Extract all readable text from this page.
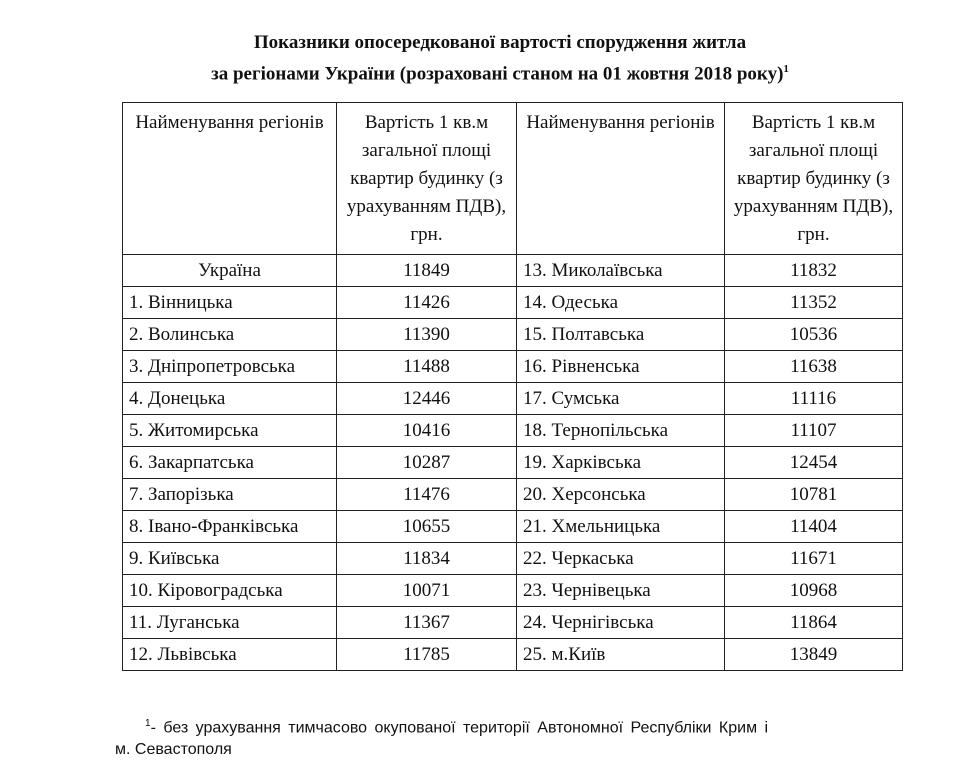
Показники опосередкованої вартості спорудження житла
за регіонами України (розраховані станом на 01 жовтня 2018 року)$^1$
Найменування регіонів	Вартість 1 кв.м загальної площі квартир будинку (з урахуванням ПДВ), грн.	Найменування регіонів	Вартість 1 кв.м загальної площі квартир будинку (з урахуванням ПДВ), грн.
Україна	11849	13. Миколаївська	11832
1. Вінницька	11426	14. Одеська	11352
2. Волинська	11390	15. Полтавська	10536
3. Дніпропетровська	11488	16. Рівненська	11638
4. Донецька	12446	17. Сумська	11116
5. Житомирська	10416	18. Тернопільська	11107
6. Закарпатська	10287	19. Харківська	12454
7. Запорізька	11476	20. Херсонська	10781
8. Івано-Франківська	10655	21. Хмельницька	11404
9. Київська	11834	22. Черкаська	11671
10. Кіровоградська	10071	23. Чернівецька	10968
11. Луганська	11367	24. Чернігівська	11864
12. Львівська	11785	25. м.Київ	13849
$^1$- без урахування тимчасово окупованої території Автономної Республіки Крим і
м. Севастополя
